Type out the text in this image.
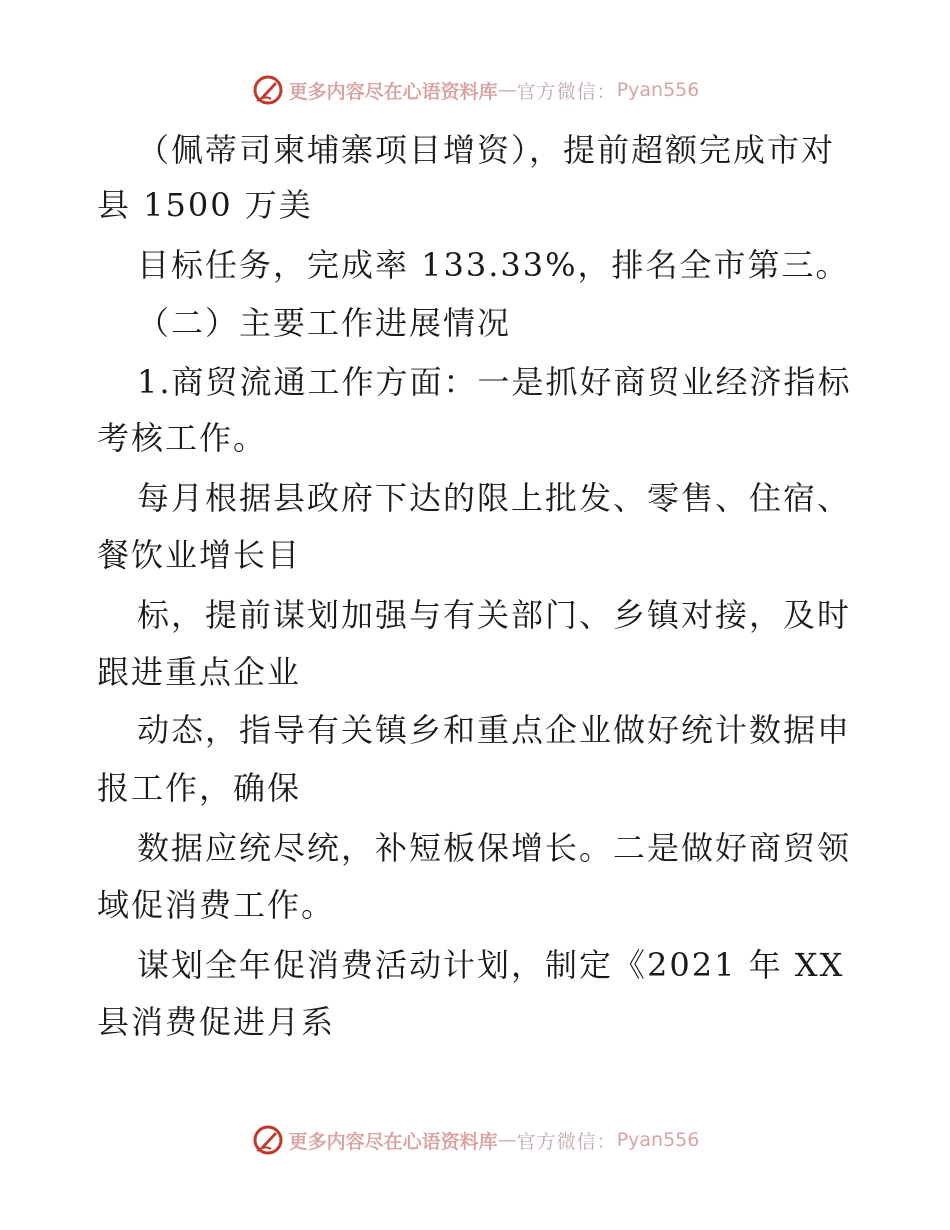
更多内容尽在心语资料库 — 官方微信： Pyan556
（佩蒂司柬埔寨项目增资），提前超额完成市对
县 1500 万美
目标任务，完成率 133.33%，排名全市第三。
（二）主要工作进展情况
1.商贸流通工作方面：一是抓好商贸业经济指标
考核工作。
每月根据县政府下达的限上批发、零售、住宿、
餐饮业增长目
标，提前谋划加强与有关部门、乡镇对接，及时
跟进重点企业
动态，指导有关镇乡和重点企业做好统计数据申
报工作，确保
数据应统尽统，补短板保增长。二是做好商贸领
域促消费工作。
谋划全年促消费活动计划，制定《2021 年 XX
县消费促进月系
更多内容尽在心语资料库 — 官方微信： Pyan556
